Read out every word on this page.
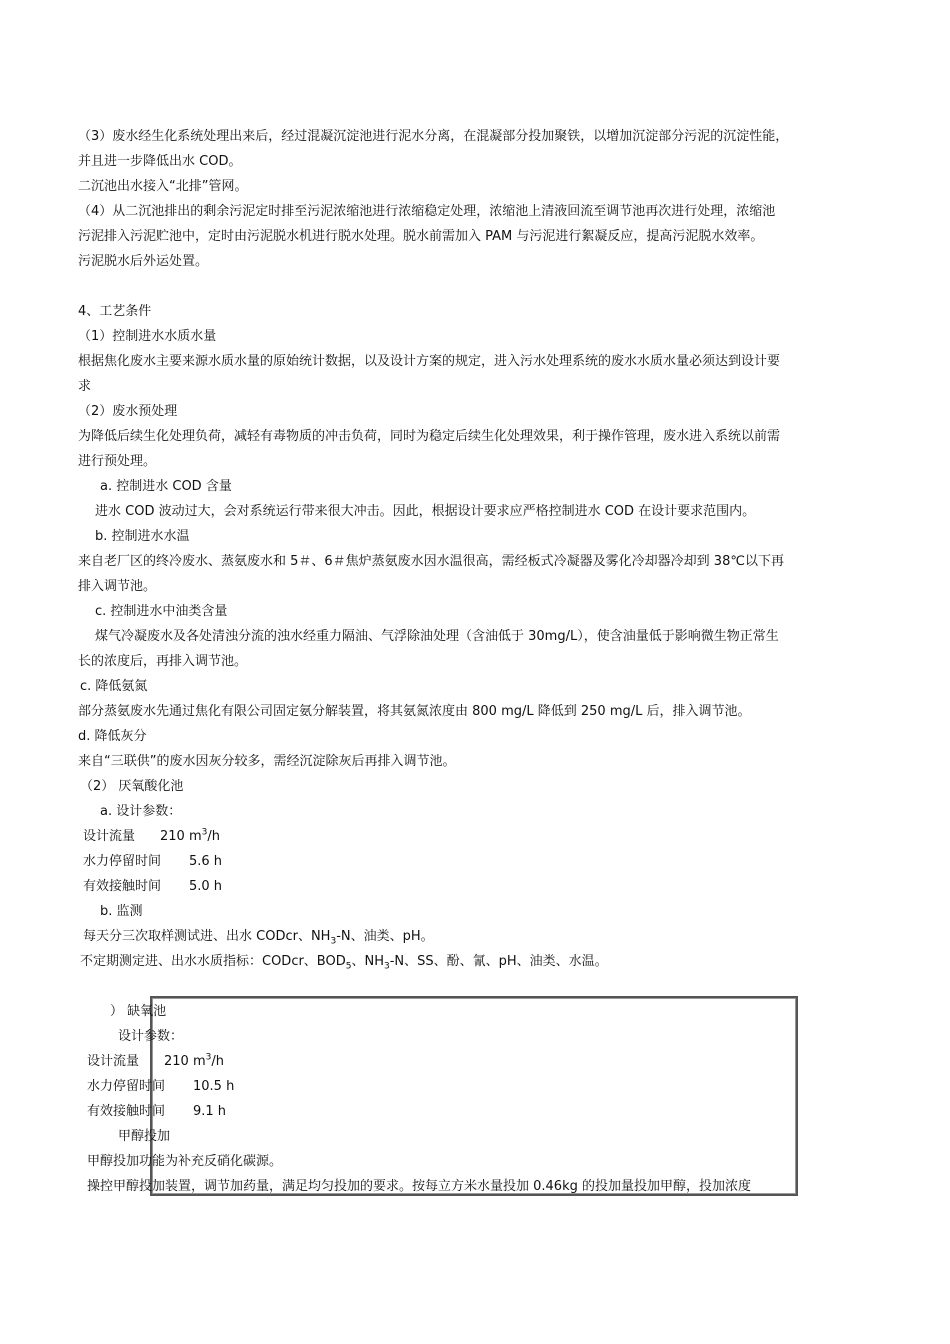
（3）废水经生化系统处理出来后，经过混凝沉淀池进行泥水分离，在混凝部分投加聚铁，以增加沉淀部分污泥的沉淀性能，
并且进一步降低出水 COD。
二沉池出水接入“北排”管网。
（4）从二沉池排出的剩余污泥定时排至污泥浓缩池进行浓缩稳定处理，浓缩池上清液回流至调节池再次进行处理，浓缩池
污泥排入污泥贮池中，定时由污泥脱水机进行脱水处理。脱水前需加入 PAM 与污泥进行絮凝反应，提高污泥脱水效率。
污泥脱水后外运处置。
4、工艺条件
（1）控制进水水质水量
根据焦化废水主要来源水质水量的原始统计数据，以及设计方案的规定，进入污水处理系统的废水水质水量必须达到设计要
求
（2）废水预处理
为降低后续生化处理负荷，减轻有毒物质的冲击负荷，同时为稳定后续生化处理效果，利于操作管理，废水进入系统以前需
进行预处理。
a. 控制进水 COD 含量
进水 COD 波动过大，会对系统运行带来很大冲击。因此，根据设计要求应严格控制进水 COD 在设计要求范围内。
b. 控制进水水温
来自老厂区的终冷废水、蒸氨废水和 5＃、6＃焦炉蒸氨废水因水温很高，需经板式冷凝器及雾化冷却器冷却到 38℃以下再
排入调节池。
c. 控制进水中油类含量
煤气冷凝废水及各处清浊分流的浊水经重力隔油、气浮除油处理（含油低于 30mg/L），使含油量低于影响微生物正常生
长的浓度后，再排入调节池。
c. 降低氨氮
部分蒸氨废水先通过焦化有限公司固定氨分解装置，将其氨氮浓度由 800 mg/L 降低到 250 mg/L 后，排入调节池。
d. 降低灰分
来自“三联供”的废水因灰分较多，需经沉淀除灰后再排入调节池。
（2） 厌氧酸化池
a. 设计参数：
设计流量 210 $m^3/h$
水力停留时间 5.6 h
有效接触时间 5.0 h
b. 监测
每天分三次取样测试进、出水 CODcr、$NH_3-N$、油类、pH。
不定期测定进、出水水质指标：CODcr、$BOD_5$、$NH_3-N$、SS、酚、氰、pH、油类、水温。
） 缺氧池
设计参数：
设计流量 210 $m^3/h$
水力停留时间 10.5 h
有效接触时间 9.1 h
甲醇投加
甲醇投加功能为补充反硝化碳源。
操控甲醇投加装置，调节加药量，满足均匀投加的要求。按每立方米水量投加 0.46kg 的投加量投加甲醇，投加浓度
